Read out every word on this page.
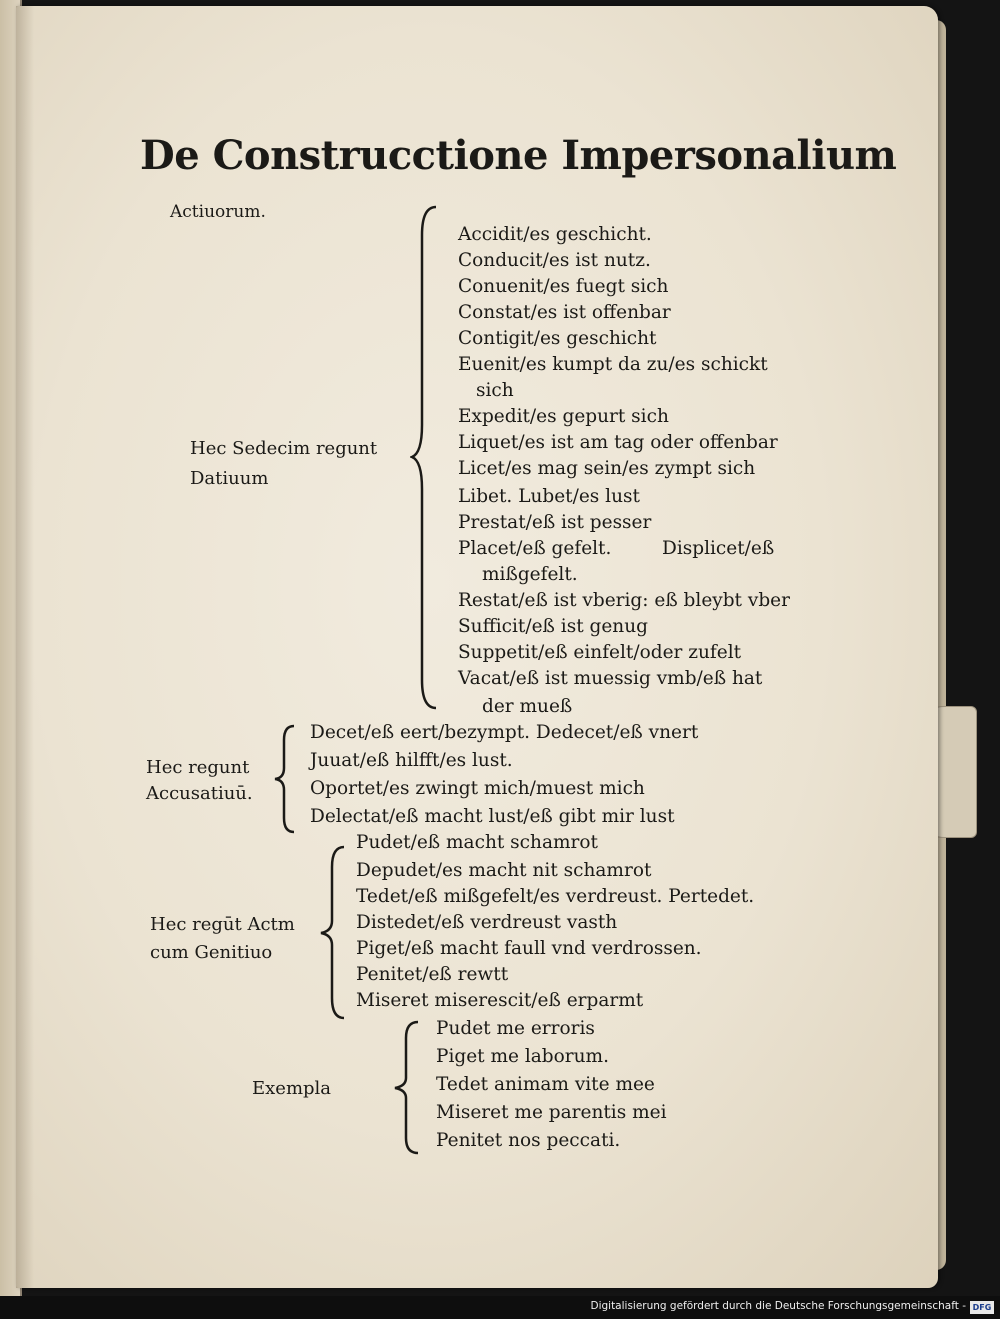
De Construcctione Impersonalium
Actiuorum.
Hec Sedecim regunt
Datiuum
Accidit/es geschicht.
Conducit/es ist nutz.
Conuenit/es fuegt sich
Constat/es ist offenbar
Contigit/es geschicht
Euenit/es kumpt da zu/es schickt
sich
Expedit/es gepurt sich
Liquet/es ist am tag oder offenbar
Licet/es mag sein/es zympt sich
Libet. Lubet/es lust
Prestat/eß ist pesser
Placet/eß gefelt.	Displicet/eß
mißgefelt.
Restat/eß ist vberig: eß bleybt vber
Sufficit/eß ist genug
Suppetit/eß einfelt/oder zufelt
Vacat/eß ist muessig vmb/eß hat
der mueß
Hec regunt
Accusatiuū.
Decet/eß eert/bezympt. Dedecet/eß vnert
Juuat/eß hilfft/es lust.
Oportet/es zwingt mich/muest mich
Delectat/eß macht lust/eß gibt mir lust
Hec regūt Actm
cum Genitiuo
Pudet/eß macht schamrot
Depudet/es macht nit schamrot
Tedet/eß mißgefelt/es verdreust. Pertedet.
Distedet/eß verdreust vasth
Piget/eß macht faull vnd verdrossen.
Penitet/eß rewtt
Miseret miserescit/eß erparmt
Exempla
Pudet me erroris
Piget me laborum.
Tedet animam vite mee
Miseret me parentis mei
Penitet nos peccati.
Digitalisierung gefördert durch die Deutsche Forschungsgemeinschaft - DFG
